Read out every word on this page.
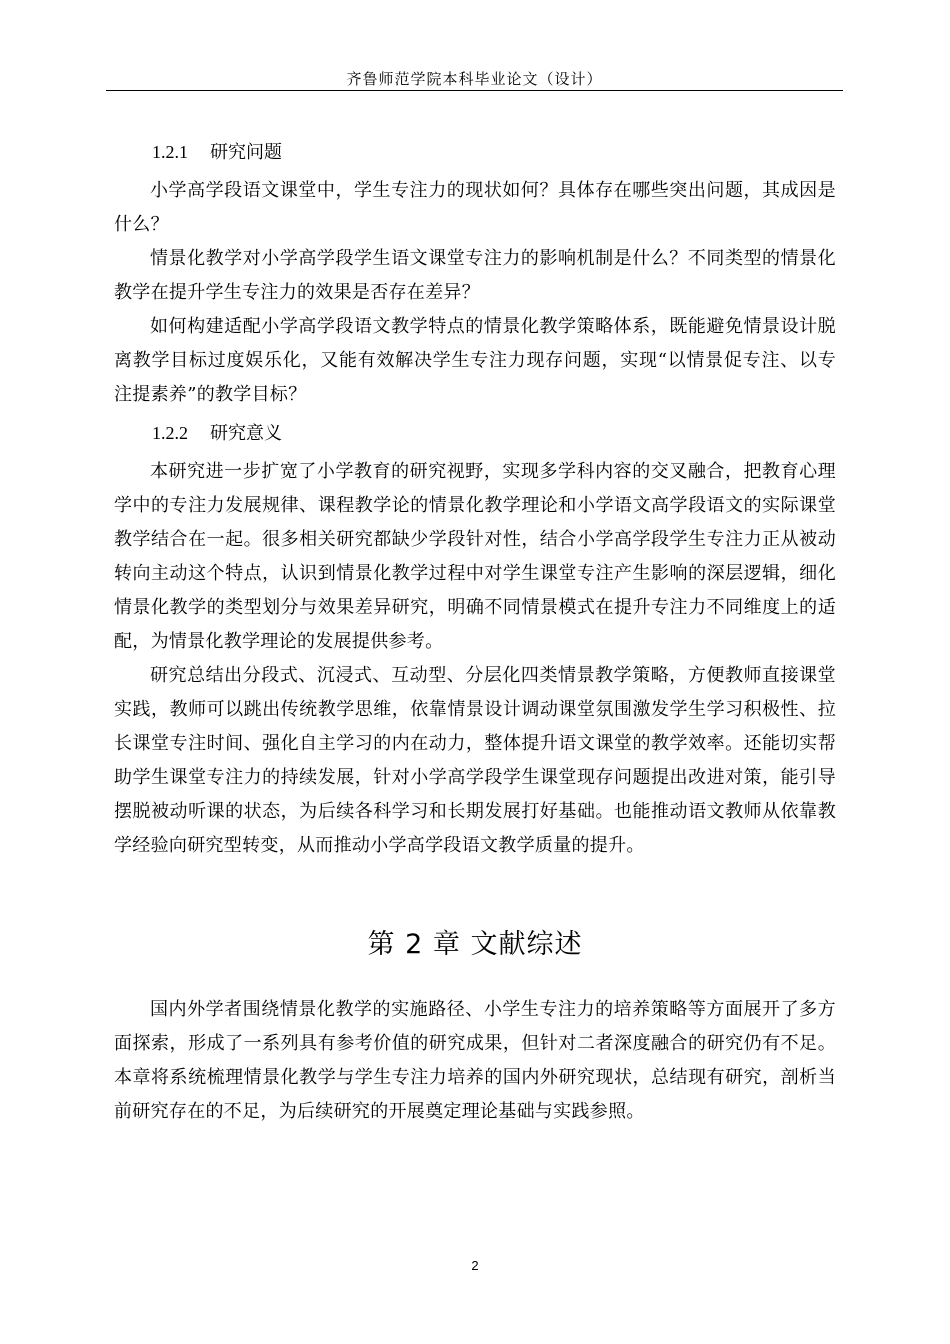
齐鲁师范学院本科毕业论文（设计）
1.2.1 研究问题

小学高学段语文课堂中，学生专注力的现状如何？具体存在哪些突出问题，其成因是什么？

情景化教学对小学高学段学生语文课堂专注力的影响机制是什么？不同类型的情景化教学在提升学生专注力的效果是否存在差异？

如何构建适配小学高学段语文教学特点的情景化教学策略体系，既能避免情景设计脱离教学目标过度娱乐化，又能有效解决学生专注力现存问题，实现“以情景促专注、以专注提素养”的教学目标？

1.2.2 研究意义

本研究进一步扩宽了小学教育的研究视野，实现多学科内容的交叉融合，把教育心理学中的专注力发展规律、课程教学论的情景化教学理论和小学语文高学段语文的实际课堂教学结合在一起。很多相关研究都缺少学段针对性，结合小学高学段学生专注力正从被动转向主动这个特点，认识到情景化教学过程中对学生课堂专注产生影响的深层逻辑，细化情景化教学的类型划分与效果差异研究，明确不同情景模式在提升专注力不同维度上的适配，为情景化教学理论的发展提供参考。

研究总结出分段式、沉浸式、互动型、分层化四类情景教学策略，方便教师直接课堂实践，教师可以跳出传统教学思维，依靠情景设计调动课堂氛围激发学生学习积极性、拉长课堂专注时间、强化自主学习的内在动力，整体提升语文课堂的教学效率。还能切实帮助学生课堂专注力的持续发展，针对小学高学段学生课堂现存问题提出改进对策，能引导摆脱被动听课的状态，为后续各科学习和长期发展打好基础。也能推动语文教师从依靠教学经验向研究型转变，从而推动小学高学段语文教学质量的提升。

第 2 章 文献综述

国内外学者围绕情景化教学的实施路径、小学生专注力的培养策略等方面展开了多方面探索，形成了一系列具有参考价值的研究成果，但针对二者深度融合的研究仍有不足。本章将系统梳理情景化教学与学生专注力培养的国内外研究现状，总结现有研究，剖析当前研究存在的不足，为后续研究的开展奠定理论基础与实践参照。

2
